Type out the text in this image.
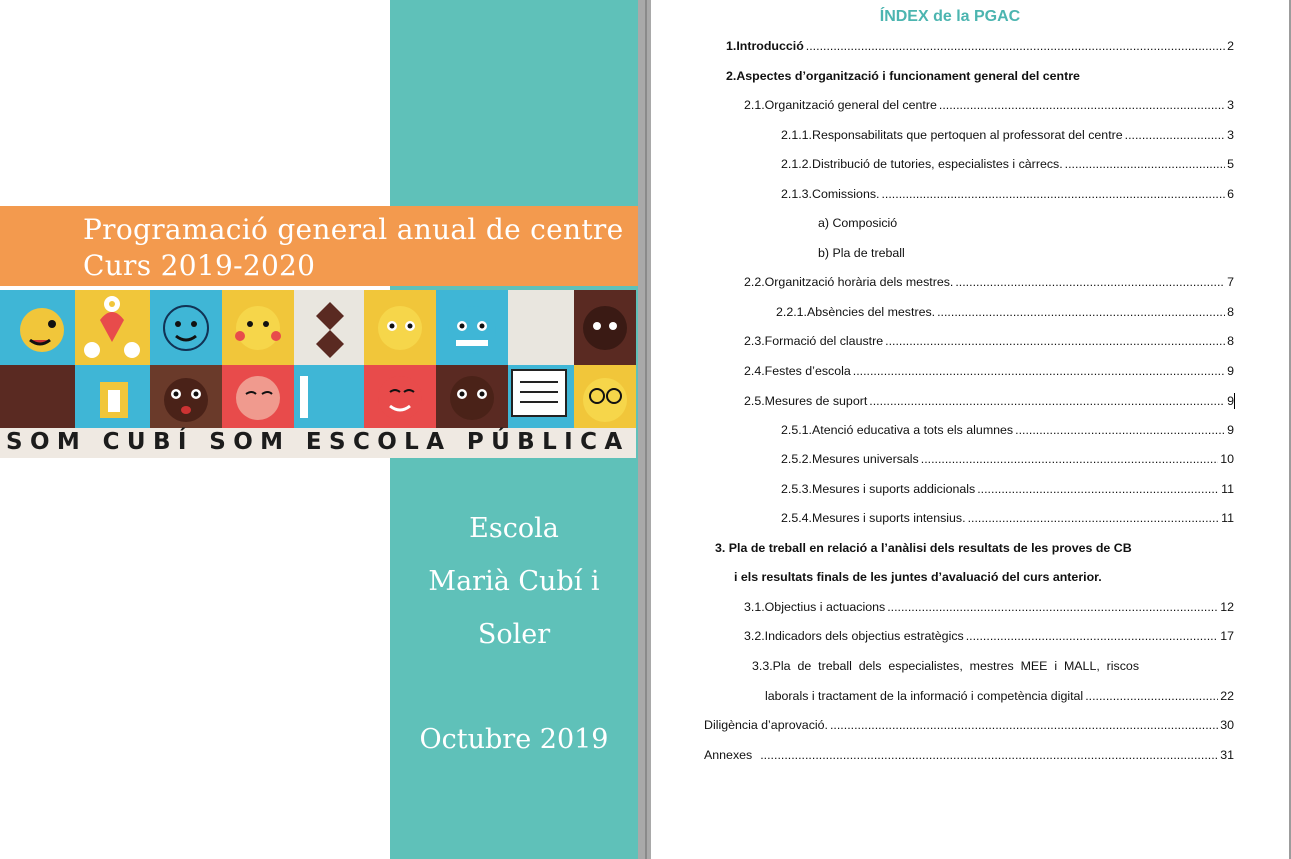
Programació general anual de centre
Curs 2019-2020
SOM CUBÍ SOM ESCOLA PÚBLICA
Escola
Marià Cubí i
Soler
Octubre 2019
ÍNDEX de la PGAC
1.Introducció .....	2
2.Aspectes d’organització i funcionament general del centre
2.1.Organització general del centre .....	3
2.1.1.Responsabilitats que pertoquen al professorat del centre .....	3
2.1.2.Distribució de tutories, especialistes i càrrecs. .....	5
2.1.3.Comissions. .....	6
a) Composició
b) Pla de treball
2.2.Organització horària dels mestres. .....	7
2.2.1.Absències del mestres. .....	8
2.3.Formació del claustre .....	8
2.4.Festes d’escola .....	9
2.5.Mesures de suport .....	9
2.5.1.Atenció educativa a tots els alumnes .....	9
2.5.2.Mesures universals .....	10
2.5.3.Mesures i suports addicionals .....	11
2.5.4.Mesures i suports intensius. .....	11
3. Pla de treball en relació a l’anàlisi dels resultats de les proves de CB
i els resultats finals de les juntes d’avaluació del curs anterior.
3.1.Objectius i actuacions .....	12
3.2.Indicadors dels objectius estratègics .....	17
3.3.Pla  de  treball  dels  especialistes,  mestres  MEE  i  MALL,  riscos
laborals i tractament de la informació i competència digital .....	22
Diligència d’aprovació. .....	30
Annexes .....	31
